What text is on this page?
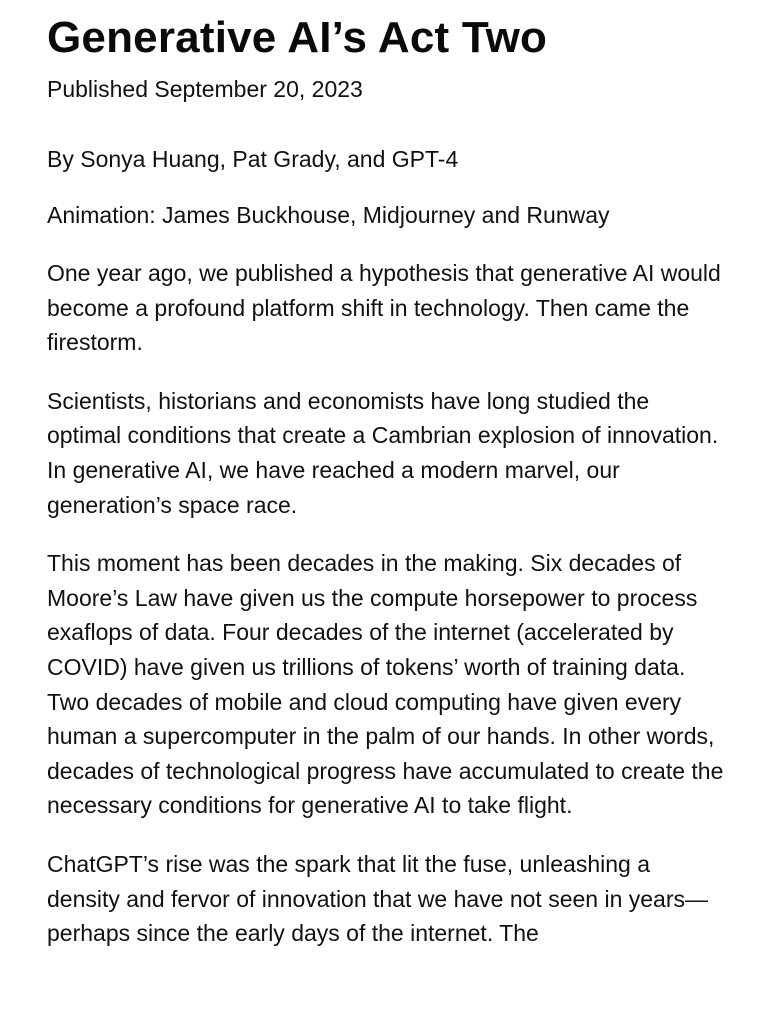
Generative AI’s Act Two

Published September 20, 2023

By Sonya Huang, Pat Grady, and GPT-4

Animation: James Buckhouse, Midjourney and Runway

One year ago, we published a hypothesis that generative AI would become a profound platform shift in technology. Then came the firestorm.

Scientists, historians and economists have long studied the optimal conditions that create a Cambrian explosion of innovation. In generative AI, we have reached a modern marvel, our generation’s space race.

This moment has been decades in the making. Six decades of Moore’s Law have given us the compute horsepower to process exaflops of data. Four decades of the internet (accelerated by COVID) have given us trillions of tokens’ worth of training data. Two decades of mobile and cloud computing have given every human a supercomputer in the palm of our hands. In other words, decades of technological progress have accumulated to create the necessary conditions for generative AI to take flight.

ChatGPT’s rise was the spark that lit the fuse, unleashing a density and fervor of innovation that we have not seen in years—perhaps since the early days of the internet. The
